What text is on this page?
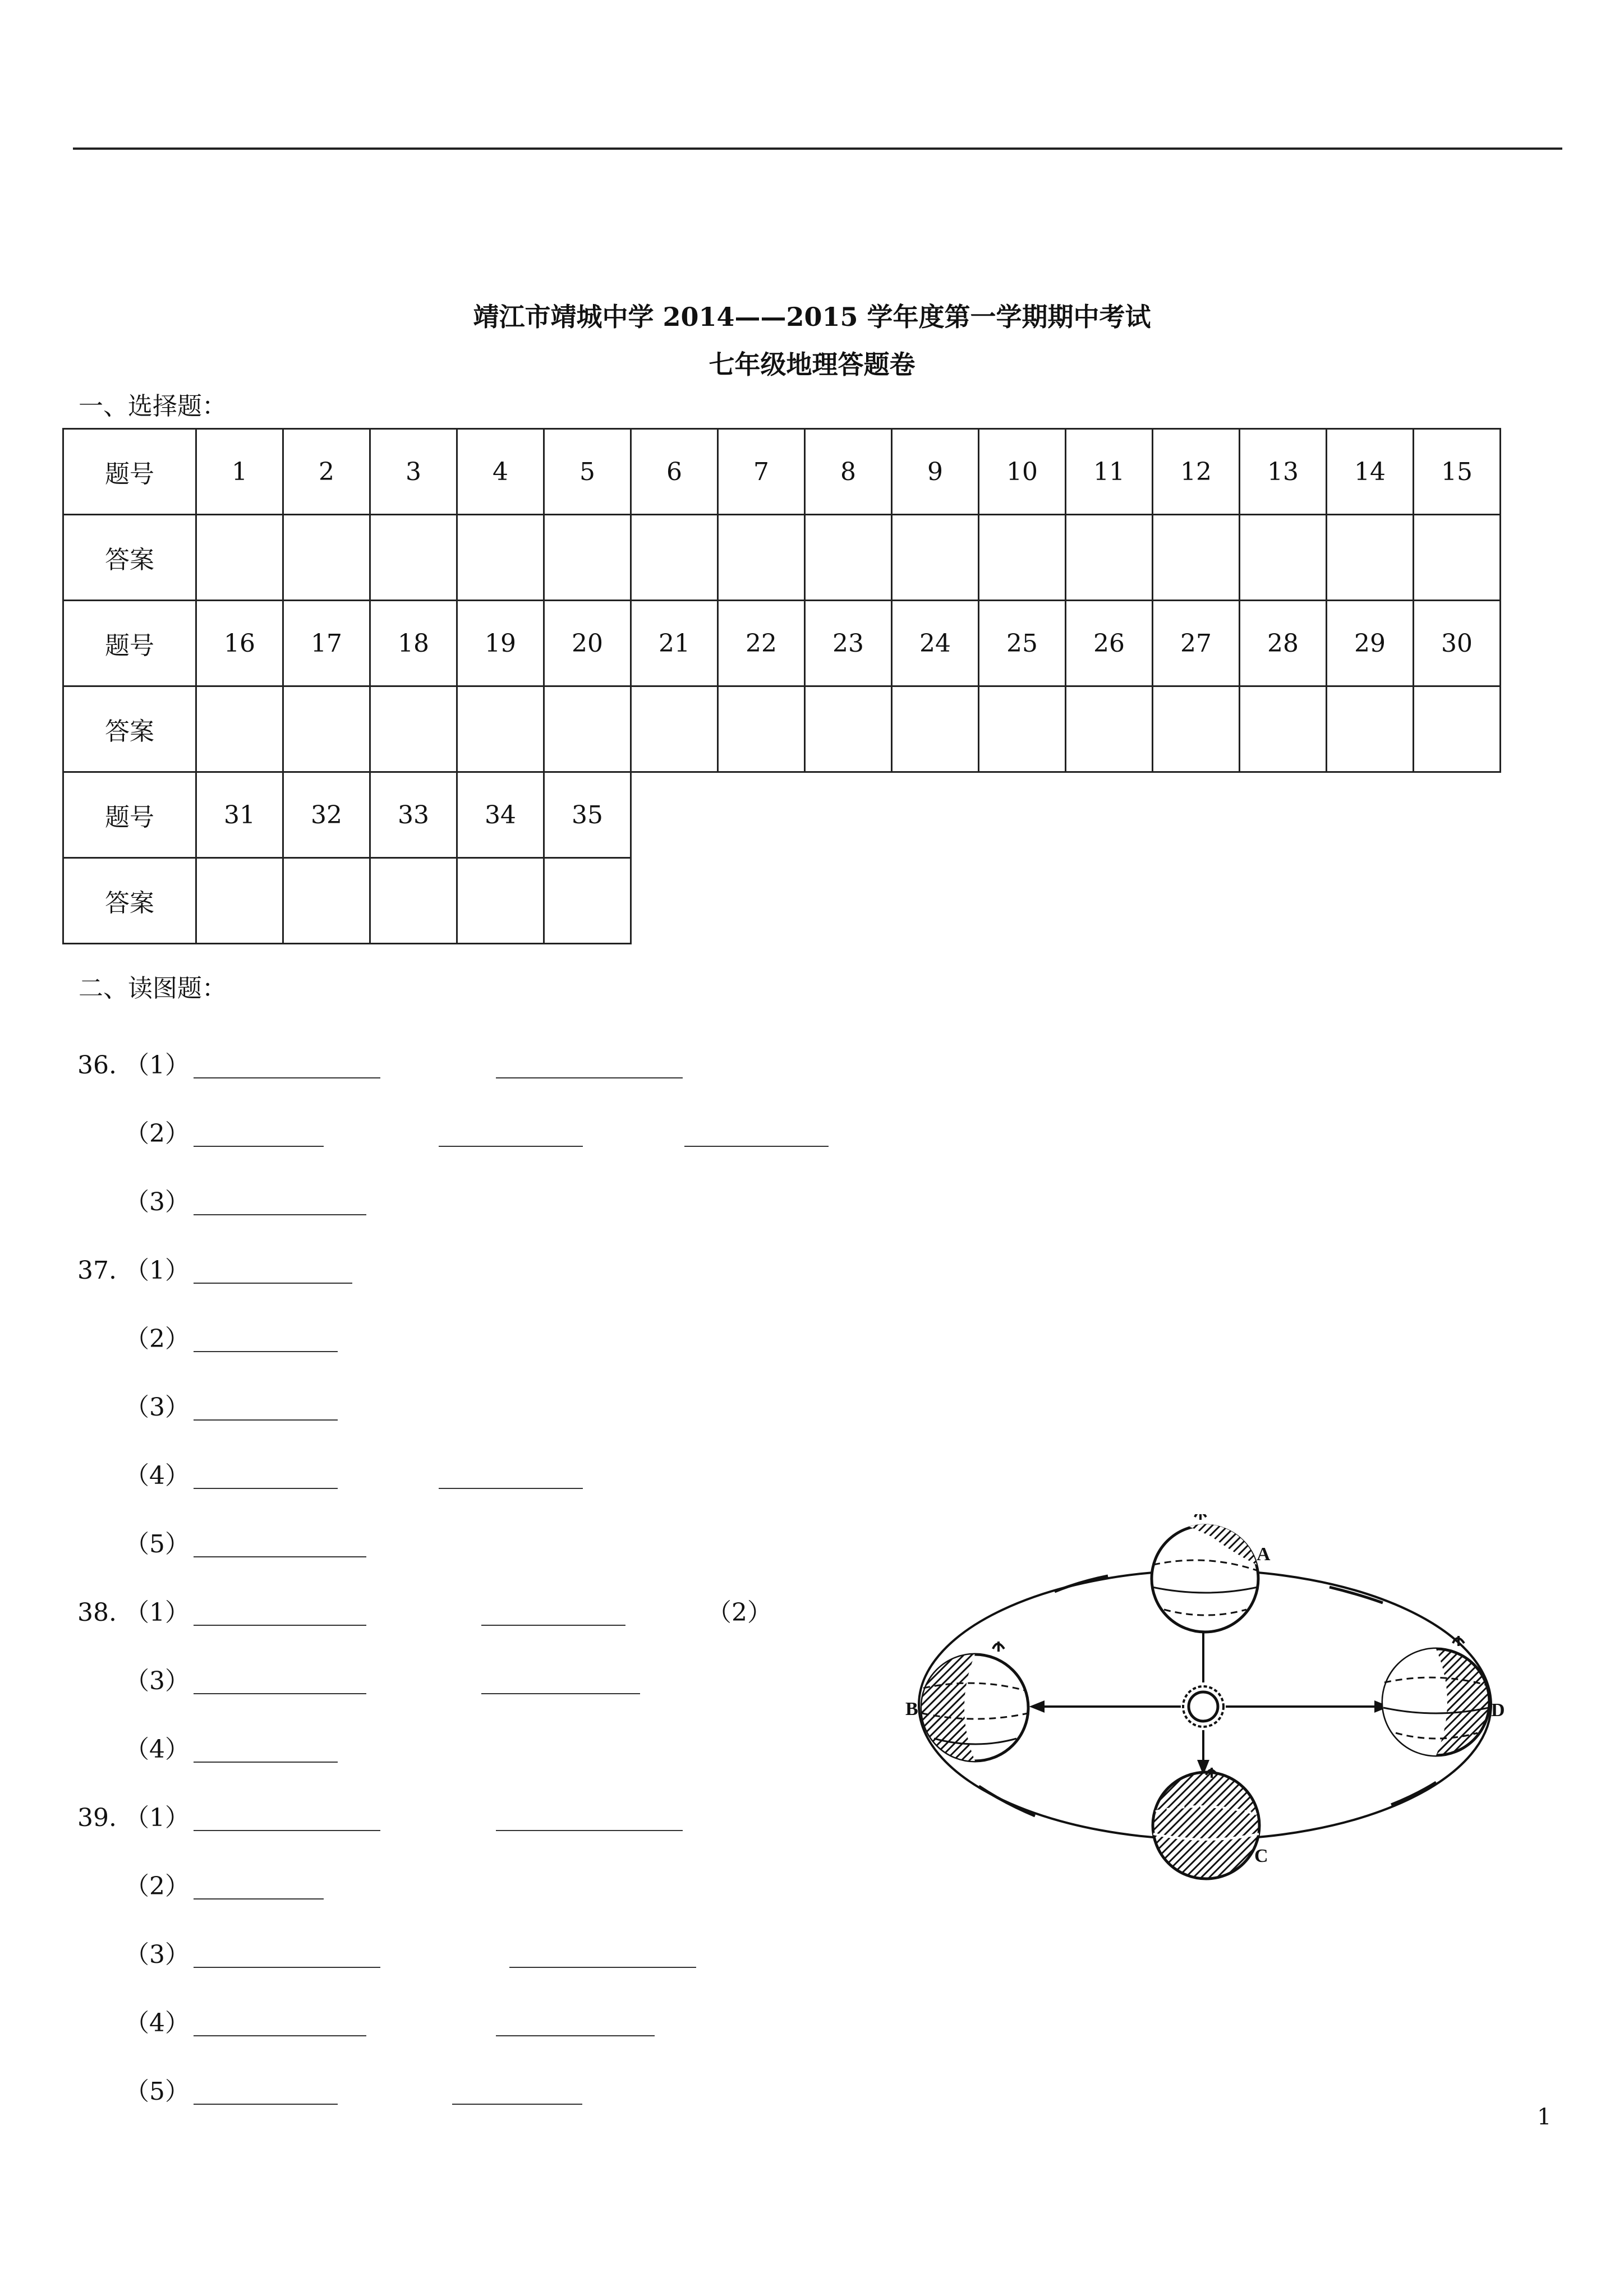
靖江市靖城中学 2014——2015 学年度第一学期期中考试
七年级地理答题卷
一、选择题：
题号	1	2	3	4	5	6	7	8	9	10	11	12	13	14	15
答案															
题号	16	17	18	19	20	21	22	23	24	25	26	27	28	29	30
答案															
题号	31	32	33	34	35										
答案															
二、读图题：
36. （1）
（2）
（3）
37. （1）
（2）
（3）
（4）
（5）
38. （1）	（2）
（3）
（4）
39. （1）
（2）
（3）
（4）
（5）
A
B
C
D
1
